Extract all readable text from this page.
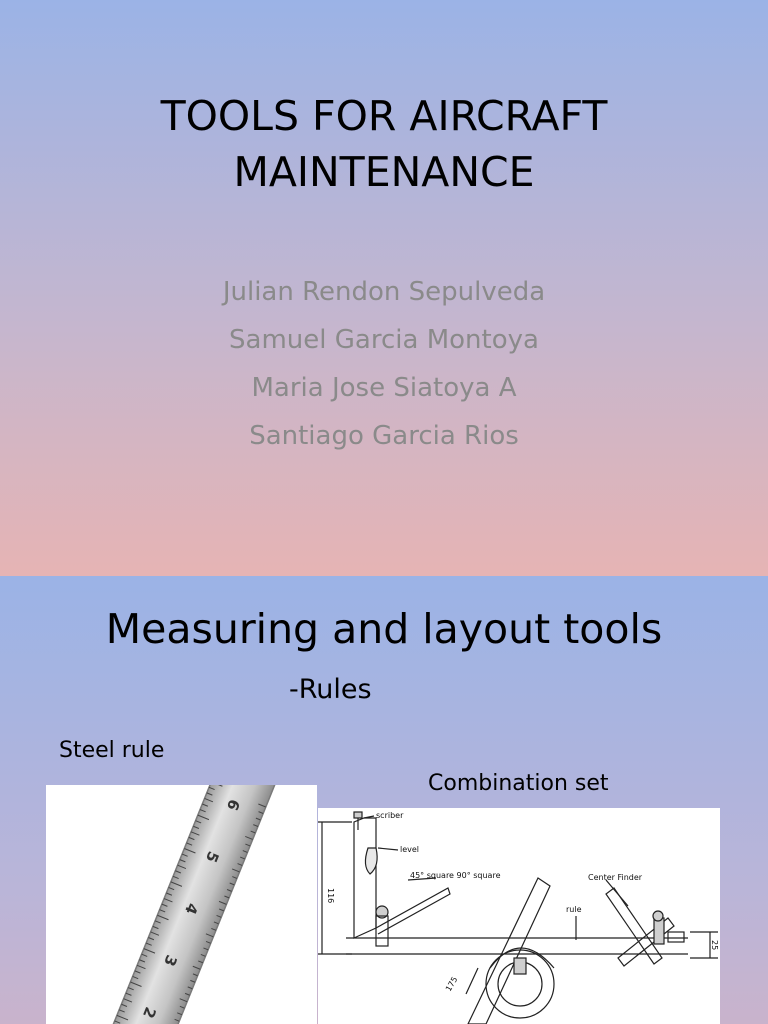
TOOLS FOR AIRCRAFT
MAINTENANCE
Julian Rendon Sepulveda
Samuel Garcia Montoya
Maria Jose Siatoya A
Santiago Garcia Rios
Measuring and layout tools
-Rules
Steel rule
Combination set
6
5
4
3
2
scriber
level
45° square 90° square	Center Finder
rule
116
25
175
